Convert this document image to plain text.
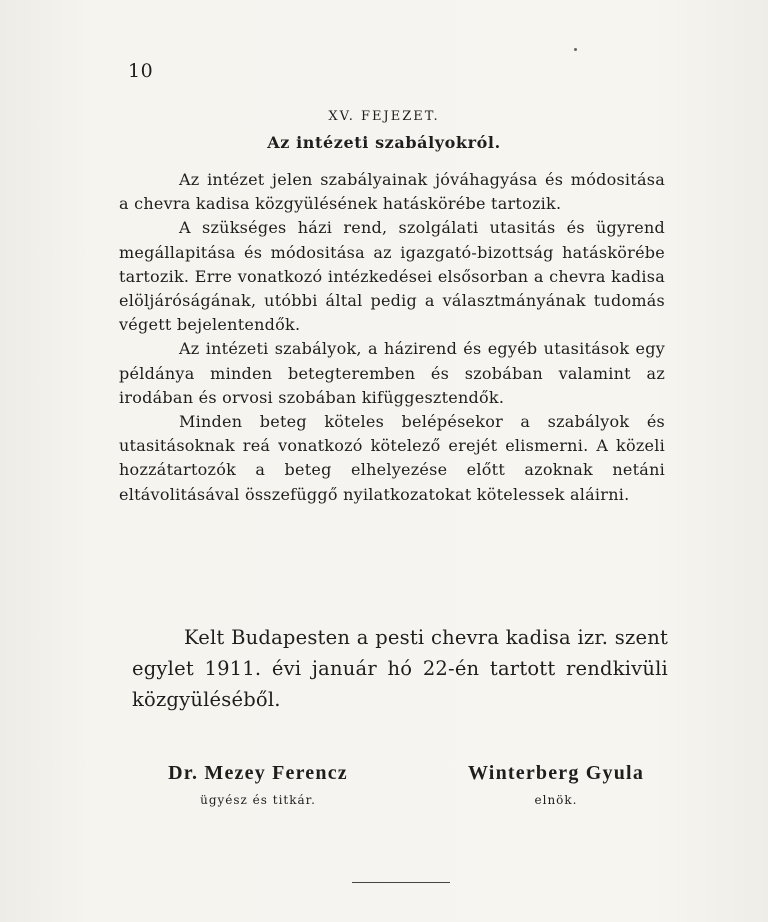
10
XV. FEJEZET.
Az intézeti szabályokról.

Az intézet jelen szabályainak jóváhagyása és módositása a chevra kadisa közgyülésének hatáskörébe tartozik.

A szükséges házi rend, szolgálati utasitás és ügyrend megállapitása és módositása az igazgató-bizottság hatáskörébe tartozik. Erre vonatkozó intézkedései elsősorban a chevra kadisa elöljáróságának, utóbbi által pedig a választmányának tudomás végett bejelentendők.

Az intézeti szabályok, a házirend és egyéb utasitások egy példánya minden betegteremben és szobában valamint az irodában és orvosi szobában kifüggesztendők.

Minden beteg köteles belépésekor a szabályok és utasitásoknak reá vonatkozó kötelező erejét elismerni. A közeli hozzátartozók a beteg elhelyezése előtt azoknak netáni eltávolitásával összefüggő nyilatkozatokat kötelessek aláirni.

Kelt Budapesten a pesti chevra kadisa izr. szent egylet 1911. évi január hó 22-én tartott rendkivüli közgyüléséből.
Dr. Mezey Ferencz
ügyész és titkár.
Winterberg Gyula
elnök.
